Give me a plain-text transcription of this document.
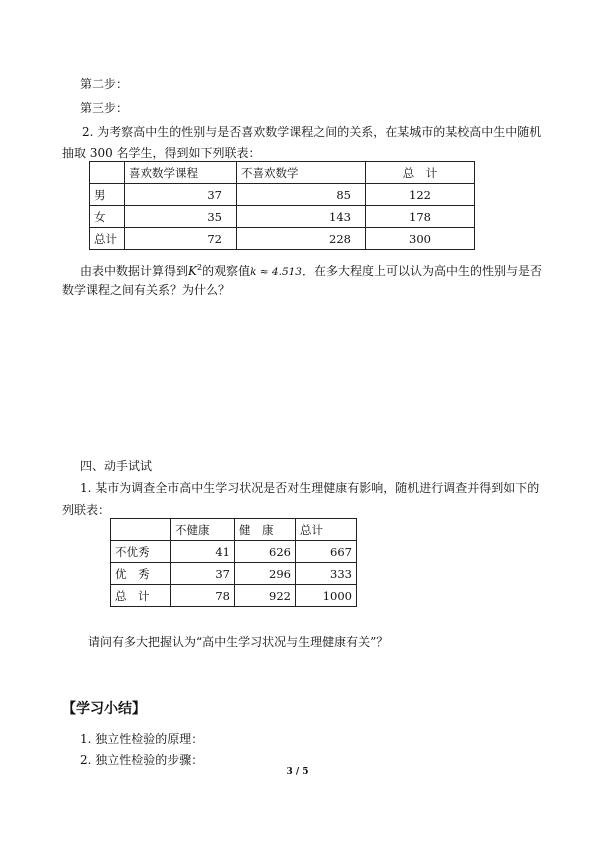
第二步：
第三步：
2. 为考察高中生的性别与是否喜欢数学课程之间的关系，在某城市的某校高中生中随机
抽取 300 名学生，得到如下列联表：
	喜欢数学课程	不喜欢数学	总　计
男	37	85	122
女	35	143	178
总计	72	228	300
由表中数据计算得到$K^2$的观察值k ≈ 4.513．在多大程度上可以认为高中生的性别与是否
数学课程之间有关系？为什么？
四、动手试试
1. 某市为调查全市高中生学习状况是否对生理健康有影响，随机进行调查并得到如下的
列联表：
	不健康	健　康	总计
不优秀	41	626	667
优　秀	37	296	333
总　计	78	922	1000
请问有多大把握认为“高中生学习状况与生理健康有关”？
【学习小结】
1. 独立性检验的原理：
2. 独立性检验的步骤：
3 / 5
